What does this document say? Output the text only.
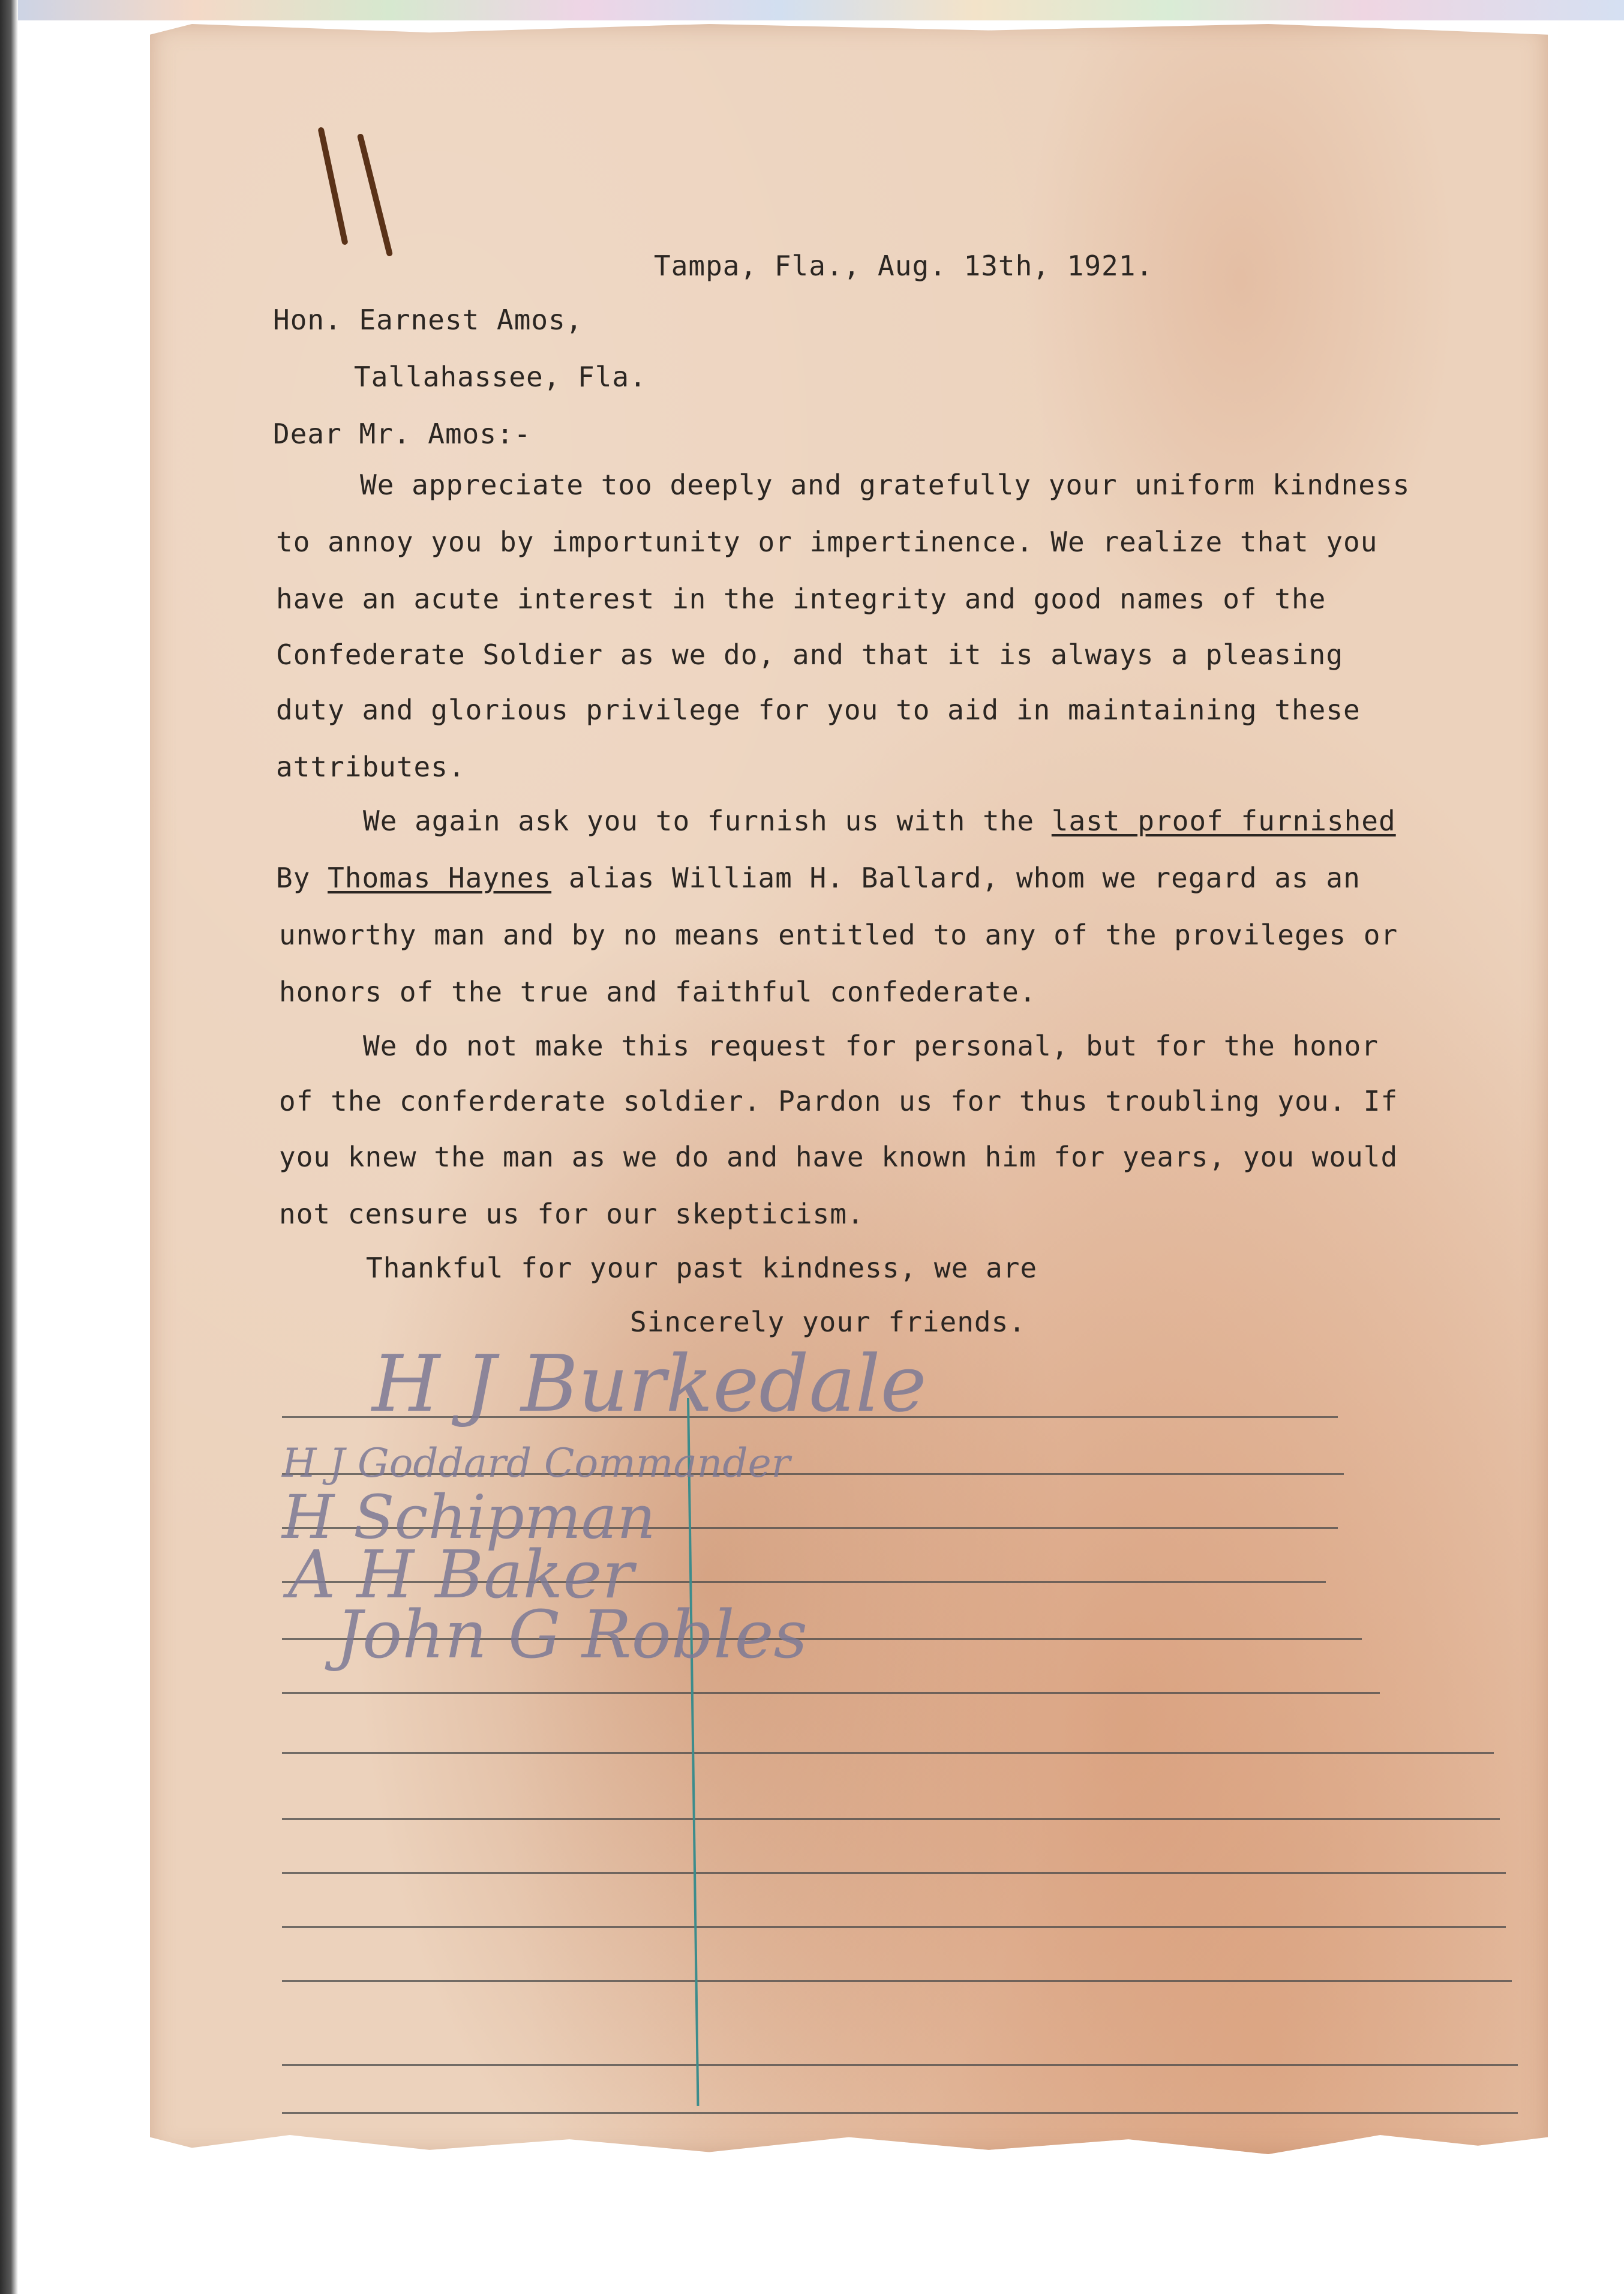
Tampa, Fla., Aug. 13th, 1921.
Hon. Earnest Amos,
Tallahassee, Fla.
Dear Mr. Amos:-
We appreciate too deeply and gratefully your uniform kindness
to annoy you by importunity or impertinence. We realize that you
have an acute interest in the integrity and good names of the
Confederate Soldier as we do, and that it is always a pleasing
duty and glorious privilege for you to aid in maintaining these
attributes.
We again ask you to furnish us with the last proof furnished
By Thomas Haynes alias William H. Ballard, whom we regard as an
unworthy man and by no means entitled to any of the provileges or
honors of the true and faithful confederate.
We do not make this request for personal, but for the honor
of the conferderate soldier. Pardon us for thus troubling you. If
you knew the man as we do and have known him for years, you would
not censure us for our skepticism.
Thankful for your past kindness, we are
Sincerely your friends.
H J Burkedale
H J Goddard Commander
H Schipman
A H Baker
John G Robles
